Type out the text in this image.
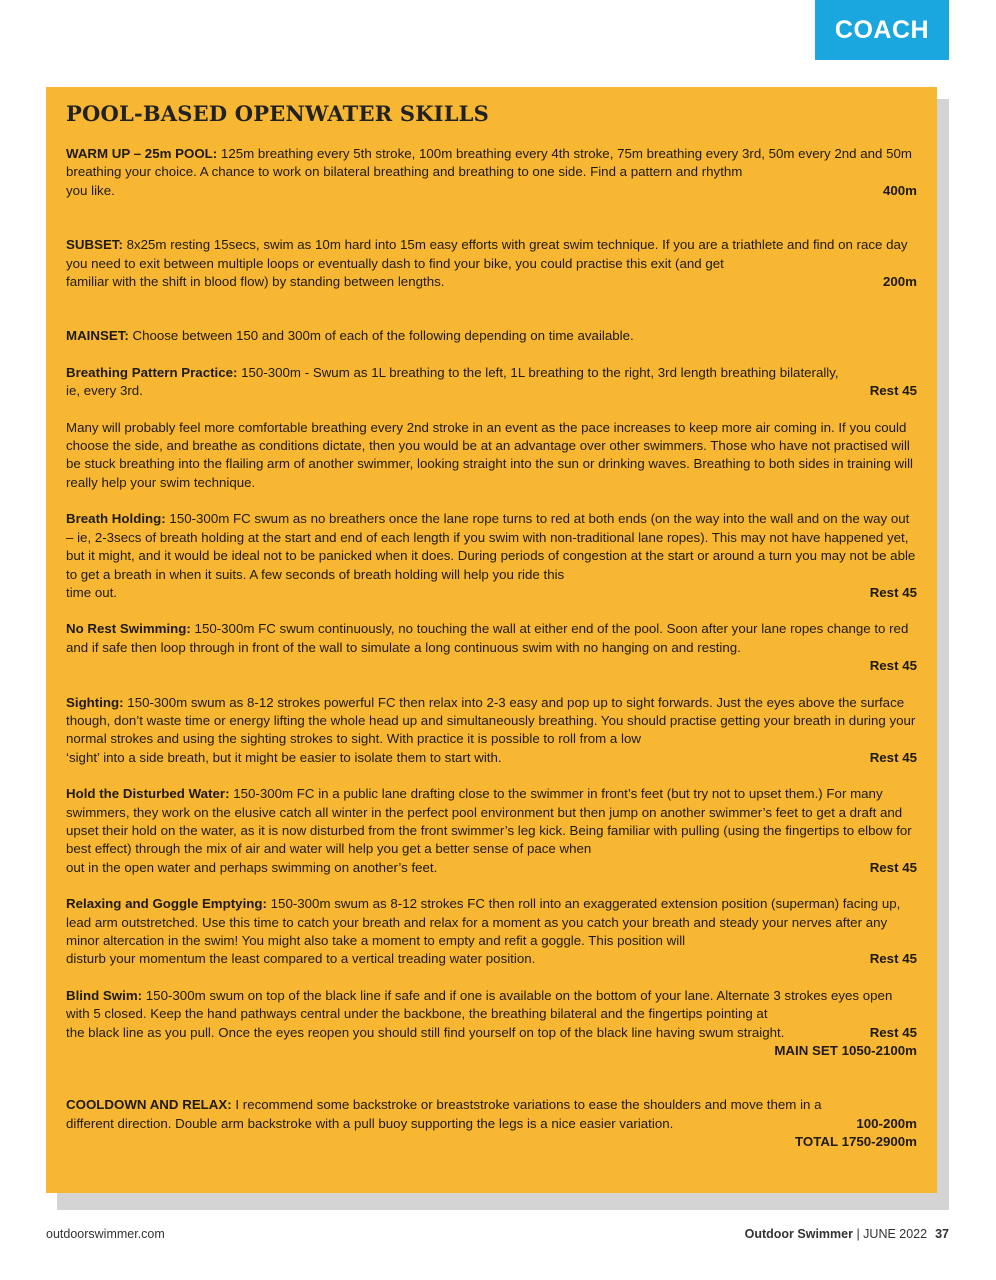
COACH
POOL-BASED OPENWATER SKILLS

WARM UP – 25m POOL: 125m breathing every 5th stroke, 100m breathing every 4th stroke, 75m breathing every 3rd, 50m every 2nd and 50m breathing your choice. A chance to work on bilateral breathing and breathing to one side. Find a pattern and rhythm

you like.	400m

SUBSET: 8x25m resting 15secs, swim as 10m hard into 15m easy efforts with great swim technique. If you are a triathlete and find on race day you need to exit between multiple loops or eventually dash to find your bike, you could practise this exit (and get

familiar with the shift in blood flow) by standing between lengths.	200m

MAINSET: Choose between 150 and 300m of each of the following depending on time available.

Breathing Pattern Practice: 150-300m - Swum as 1L breathing to the left, 1L breathing to the right, 3rd length breathing bilaterally,

ie, every 3rd.	Rest 45

Many will probably feel more comfortable breathing every 2nd stroke in an event as the pace increases to keep more air coming in. If you could choose the side, and breathe as conditions dictate, then you would be at an advantage over other swimmers. Those who have not practised will be stuck breathing into the flailing arm of another swimmer, looking straight into the sun or drinking waves. Breathing to both sides in training will really help your swim technique.

Breath Holding: 150-300m FC swum as no breathers once the lane rope turns to red at both ends (on the way into the wall and on the way out – ie, 2-3secs of breath holding at the start and end of each length if you swim with non-traditional lane ropes). This may not have happened yet, but it might, and it would be ideal not to be panicked when it does. During periods of congestion at the start or around a turn you may not be able to get a breath in when it suits. A few seconds of breath holding will help you ride this

time out.	Rest 45

No Rest Swimming: 150-300m FC swum continuously, no touching the wall at either end of the pool. Soon after your lane ropes change to red and if safe then loop through in front of the wall to simulate a long continuous swim with no hanging on and resting.

Rest 45

Sighting: 150-300m swum as 8-12 strokes powerful FC then relax into 2-3 easy and pop up to sight forwards. Just the eyes above the surface though, don’t waste time or energy lifting the whole head up and simultaneously breathing. You should practise getting your breath in during your normal strokes and using the sighting strokes to sight. With practice it is possible to roll from a low

‘sight’ into a side breath, but it might be easier to isolate them to start with.	Rest 45

Hold the Disturbed Water: 150-300m FC in a public lane drafting close to the swimmer in front’s feet (but try not to upset them.) For many swimmers, they work on the elusive catch all winter in the perfect pool environment but then jump on another swimmer’s feet to get a draft and upset their hold on the water, as it is now disturbed from the front swimmer’s leg kick. Being familiar with pulling (using the fingertips to elbow for best effect) through the mix of air and water will help you get a better sense of pace when

out in the open water and perhaps swimming on another’s feet.	Rest 45

Relaxing and Goggle Emptying: 150-300m swum as 8-12 strokes FC then roll into an exaggerated extension position (superman) facing up, lead arm outstretched. Use this time to catch your breath and relax for a moment as you catch your breath and steady your nerves after any minor altercation in the swim! You might also take a moment to empty and refit a goggle. This position will

disturb your momentum the least compared to a vertical treading water position.	Rest 45

Blind Swim: 150-300m swum on top of the black line if safe and if one is available on the bottom of your lane. Alternate 3 strokes eyes open with 5 closed. Keep the hand pathways central under the backbone, the breathing bilateral and the fingertips pointing at

the black line as you pull. Once the eyes reopen you should still find yourself on top of the black line having swum straight.	Rest 45
MAIN SET 1050-2100m

COOLDOWN AND RELAX: I recommend some backstroke or breaststroke variations to ease the shoulders and move them in a

different direction. Double arm backstroke with a pull buoy supporting the legs is a nice easier variation.	100-200m
TOTAL 1750-2900m
outdoorswimmer.com	Outdoor Swimmer | JUNE 2022 37
